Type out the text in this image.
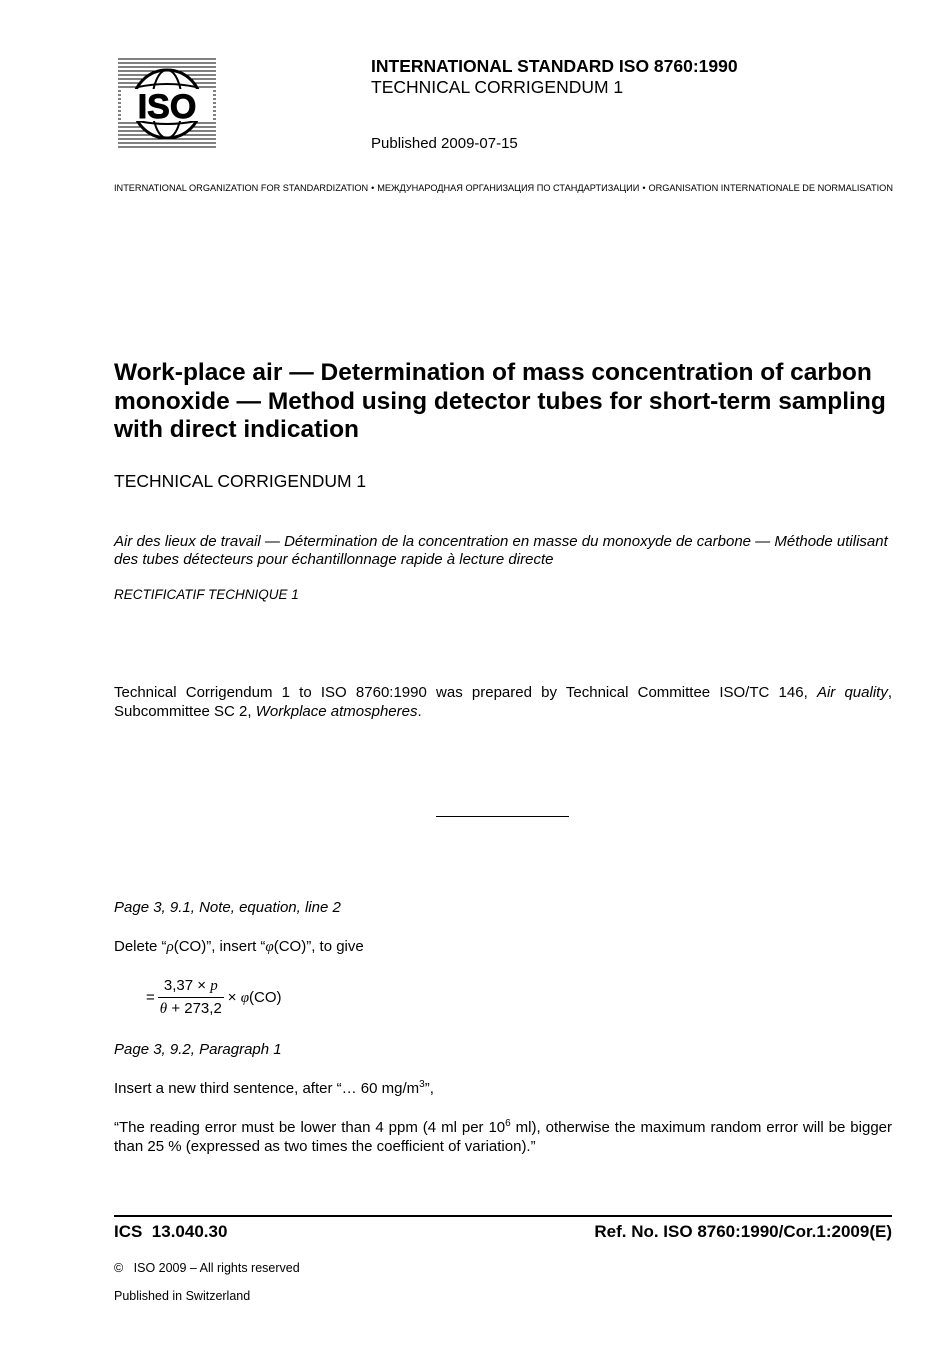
ISO
INTERNATIONAL STANDARD ISO 8760:1990
TECHNICAL CORRIGENDUM 1
Published 2009-07-15
INTERNATIONAL ORGANIZATION FOR STANDARDIZATION • МЕЖДУНАРОДНАЯ ОРГАНИЗАЦИЯ ПО СТАНДАРТИЗАЦИИ • ORGANISATION INTERNATIONALE DE NORMALISATION
Work-place air — Determination of mass concentration of carbon monoxide — Method using detector tubes for short-term sampling with direct indication
TECHNICAL CORRIGENDUM 1
Air des lieux de travail — Détermination de la concentration en masse du monoxyde de carbone — Méthode utilisant des tubes détecteurs pour échantillonnage rapide à lecture directe
RECTIFICATIF TECHNIQUE 1
Technical Corrigendum 1 to ISO 8760:1990 was prepared by Technical Committee ISO/TC 146, Air quality, Subcommittee SC 2, Workplace atmospheres.
Page 3, 9.1, Note, equation, line 2
Delete “ρ(CO)”, insert “φ(CO)”, to give
=	3,37 × p	× φ(CO)
θ + 273,2
Page 3, 9.2, Paragraph 1
Insert a new third sentence, after “… 60 $mg/m^3$”,
“The reading error must be lower than 4 ppm (4 ml per $10^6$ ml), otherwise the maximum random error will be bigger than 25 % (expressed as two times the coefficient of variation).”
ICS  13.040.30	Ref. No. ISO 8760:1990/Cor.1:2009(E)
©   ISO 2009 – All rights reserved
Published in Switzerland
